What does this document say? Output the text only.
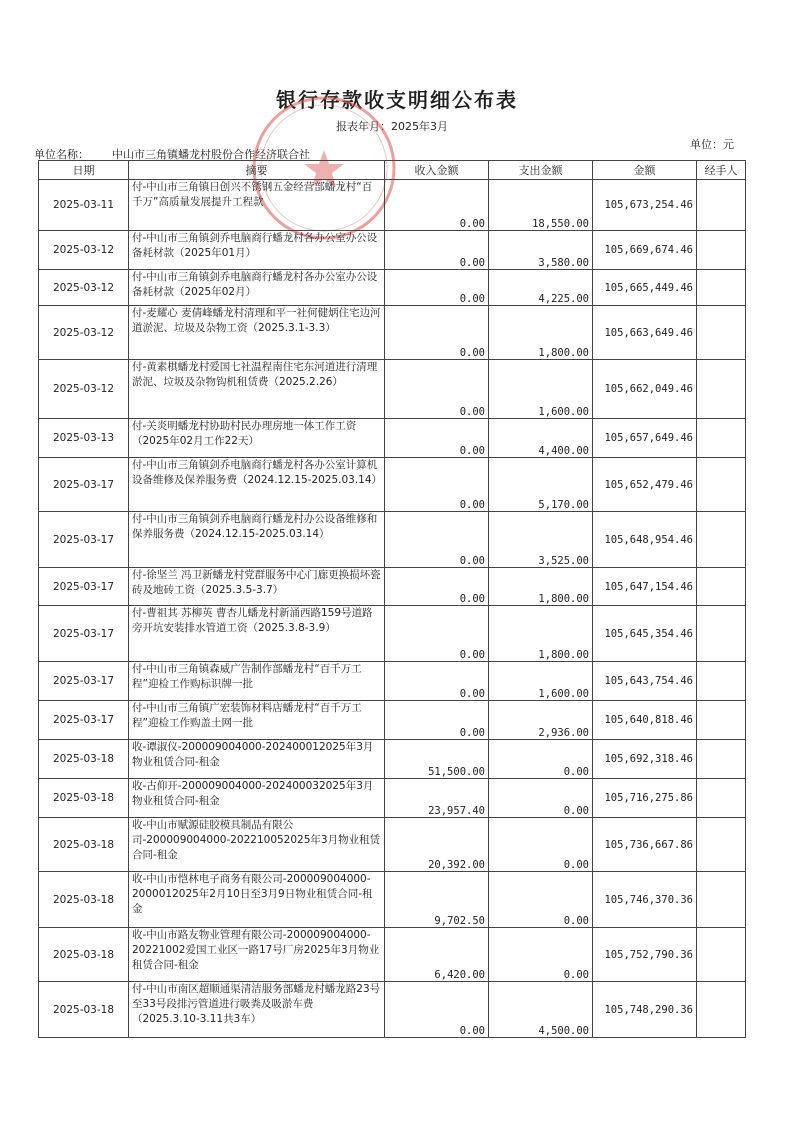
银行存款收支明细公布表
报表年月：2025年3月
单位：元
单位名称： 中山市三角镇蟠龙村股份合作经济联合社
日期	摘要	收入金额	支出金额	金额	经手人
2025-03-11	付-中山市三角镇日创兴不锈钢五金经营部蟠龙村“百千万”高质量发展提升工程款	0.00	18,550.00	105,673,254.46	
2025-03-12	付-中山市三角镇剑乔电脑商行蟠龙村各办公室办公设备耗材款（2025年01月）	0.00	3,580.00	105,669,674.46	
2025-03-12	付-中山市三角镇剑乔电脑商行蟠龙村各办公室办公设备耗材款（2025年02月）	0.00	4,225.00	105,665,449.46	
2025-03-12	付-麦耀心 麦倩峰蟠龙村清理和平一社何健炳住宅边河道淤泥、垃圾及杂物工资（2025.3.1-3.3）	0.00	1,800.00	105,663,649.46	
2025-03-12	付-黄素棋蟠龙村爱国七社温程南住宅东河道进行清理淤泥、垃圾及杂物钩机租赁费（2025.2.26）	0.00	1,600.00	105,662,049.46	
2025-03-13	付-关炎明蟠龙村协助村民办理房地一体工作工资（2025年02月工作22天）	0.00	4,400.00	105,657,649.46	
2025-03-17	付-中山市三角镇剑乔电脑商行蟠龙村各办公室计算机设备维修及保养服务费（2024.12.15-2025.03.14）	0.00	5,170.00	105,652,479.46	
2025-03-17	付-中山市三角镇剑乔电脑商行蟠龙村办公设备维修和保养服务费（2024.12.15-2025.03.14）	0.00	3,525.00	105,648,954.46	
2025-03-17	付-徐坚兰 冯卫新蟠龙村党群服务中心门廊更换损坏瓷砖及地砖工资（2025.3.5-3.7）	0.00	1,800.00	105,647,154.46	
2025-03-17	付-曹祖其 苏柳英 曹杏儿蟠龙村新涌西路159号道路旁开坑安装排水管道工资（2025.3.8-3.9）	0.00	1,800.00	105,645,354.46	
2025-03-17	付-中山市三角镇森威广告制作部蟠龙村“百千万工程”迎检工作购标识牌一批	0.00	1,600.00	105,643,754.46	
2025-03-17	付-中山市三角镇广宏装饰材料店蟠龙村“百千万工程”迎检工作购盖土网一批	0.00	2,936.00	105,640,818.46	
2025-03-18	收-谭淑仪-200009004000-202400012025年3月物业租赁合同-租金	51,500.00	0.00	105,692,318.46	
2025-03-18	收-古仰开-200009004000-202400032025年3月物业租赁合同-租金	23,957.40	0.00	105,716,275.86	
2025-03-18	收-中山市赋源硅胶模具制品有限公司-200009004000-202210052025年3月物业租赁合同-租金	20,392.00	0.00	105,736,667.86	
2025-03-18	收-中山市恺林电子商务有限公司-200009004000-2000012025年2月10日至3月9日物业租赁合同-租金	9,702.50	0.00	105,746,370.36	
2025-03-18	收-中山市路友物业管理有限公司-200009004000-20221002爱国工业区一路17号厂房2025年3月物业租赁合同-租金	6,420.00	0.00	105,752,790.36	
2025-03-18	付-中山市南区超顺通渠清洁服务部蟠龙村蟠龙路23号至33号段排污管道进行吸粪及吸淤车费（2025.3.10-3.11共3车）	0.00	4,500.00	105,748,290.36	
